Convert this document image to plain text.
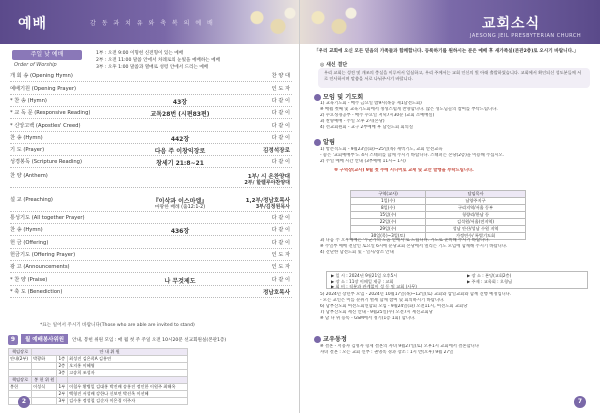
예배	감 동 과 치 유 와 축 복 의 예 배
주일 낮 예배
Order of Worship
1부 : 오전 9:00 이형헌 신전형이 있는 예배
2부 : 오전 11:00 말씀 안에서 차례로의 눈빛을 예배하는 예배
3부 : 오후 1:00 말씀과 열매로 성령 안에서 드리는 예배
개 회 송 (Opening Hymn)	찬 양 대
예배기원 (Opening Prayer)	인 도 자
* 찬 송 (Hymn)	43장	다 같 이
* 교 독 문 (Responsive Reading)	교독28번 (시편83편)	다 같 이
* 신앙고백 (Apostles' Creed)	다 같 이
찬 송 (Hymn)	442장	다 같 이
기 도 (Prayer)	다음 주 이창익장로	김정석장로
성경봉독 (Scripture Reading)	창세기 21:8~21	다 같 이
찬 양 (Anthem)	1부/ 시 온찬양대
2부/ 할렐루야찬양대
설 교 (Preaching)	『이삭과 이스마엘』
마땅한 배례 (출12:1-2)
1,2부/정남호목사
3부/김정원목사
통성기도 (All together Prayer)	다 같 이
찬 송 (Hymn)	436장	다 같 이
헌 금 (Offering)	다 같 이
헌금기도 (Offering Prayer)	인 도 자
광 고 (Announcements)	인 도 자
* 찬 양 (Praise)	나 무것제도	다 같 이
* 축 도 (Benediction)	정남호목사
*표는 일어서 주시기 바랍니다(Those who are able are invited to stand)
9 월 예배봉사위원 안내, 봉헌 위원 모임 : 매 월 첫 주 주일 오전 10시20분 선교회원실(본관1층)
책임장로	안 내 위 원		
안내(2부)	박광하	1층	최성진 김은희A 김흥연
		2층	오지홍 이혜영
		3층	고송희 조성자
책임장로	봉 헌 위 원		
봉헌	이성식	1부	이철우 황병일 김대홍 박진배 송홍진 정인한 이원주 최해옥
		2부	백형진 서성배 강한나 신보연 박선옥 이선혜
		3부	김수홍 정성철 김순자 이은경 이주자
2
교회소식
JAESONG JEIL PRESBYTERIAN CHURCH
「우리 교회에 오신 모든 믿음의 가족들과 함께합니다. 등록하기를 원하시는 분은 예배 후 새가족실(본관2층)로 오시기 바랍니다.」
◎ 새신 결단
우리 교회는 성전 및 개조의 충실을 이루어서 일심하고, 우리 주께서는 교회 인신의 빛 아래 출발하였습니다. 교회에서 확인되신 성도분들께 서로 인사하시며 말씀을 서로 나눠주시기 바랍니다.
모임 및 기도회
1) 교육기도회 - 매주 금요일 밤9시(목동 제1남전도회)
※ 매월 첫째 및 교육기도회에서 정성스럽게 찬양합니다. 많은 성도님들의 참여를 부탁드립니다.
2) 수요성경공부 - 매주 수요일 저녁7시30분 (교회 소예배실)
3) 찬양예배 - 주일 오후 2시(본당)
4) 선교회원회 - 교구 2부예배 후 남신도회 회의실
알림
1) 항존직도회 - 9월23일(화)~25일(목) 새벽기도, 교회 안전교육
- 좋은 '교회예배부'도 4시 스태퍼를 함께 주시기 바랍니다. 스태퍼는 본당(2층)을 이용해 주십시오.
2) 주일 예배 시간 안내 (3부예배 11시~ 1시)
※ 구역장(교사) 9월 첫 주에 시니어로 교재 및 교안 발행을 부탁드립니다.
구역(교사)	담임목사
1일(수)	남양주지구
8일(수)	구리지역/서울 동부
15일(수)	청량리/한남 등
22일(수)	김석원/서울(전지역)
29일(수)	성남 안산/성남 수원 지역
30일(목)~3일(토)	가정연수/ 특별기도회
3) 다음 주 오후예배는 '누군가의 도움 안에서'로 드립니다. 기도로 준비해 주시기 바랍니다.
※ 주일부 예배 전날인 토요일 6시에 분당교회 본당에서 열리는 기도 모임에 함께해 주시기 바랍니다.
4) 간단한 남전도회 및 - 일시/장소 안내
▶ 일 시 : 2024년 9월21일 오후5시
▶ 장 소 : 11장 이메일 제공 : 교회
▶ 회 비 : 직분과 관계없이 성 동 및 교회 (사무)
▶ 장 소 : 본당(교회2층)
▶ 주제 : 교육회 : 오형님
5) 2024년 장년부 모임 - 2024년 10월17일(목)~12일(토) 교회와 삼일교회와 함께 진행 예정입니다.
- 모든 교인은 이를 분위기 별세 함께 참여 및 회의하시기 바랍니다.
6) 남부산노회 여전도회연합회 모임 - 9월24일(화) 오전11시, 여전도회 교회당
7) 남부산노회 세신 안내 - 9월25일(수) 오전7시 세신교회당
※ 남 다 위 등록 - GSM에서 정기(1층 1회) 합니다.
교우동정
※ 결혼 - 서용자 김영자 형제 결혼의 자녀 9월27일(토) 오후1시 교회에서 결혼합니다
자녀 결혼 : 모든 교회 신부 : 권영옥 경과 장소 : 1시 반(오후) 9월 27일
7
